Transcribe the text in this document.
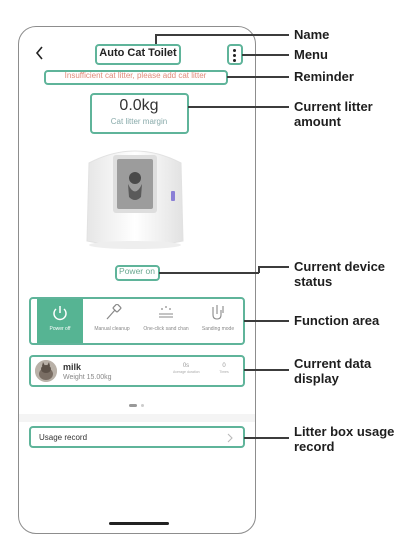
Auto Cat Toilet
Insufficient cat litter, please add cat litter
0.0kg
Cat litter margin
Power on
Power off	Manual cleanup	One-click sand chan	Sanding mode
milk
Weight 15.00kg
0s
Average duration
0
Times
Usage record
Name
Menu
Reminder
Current litter amount
Current device status
Function area
Current data display
Litter box usage record
